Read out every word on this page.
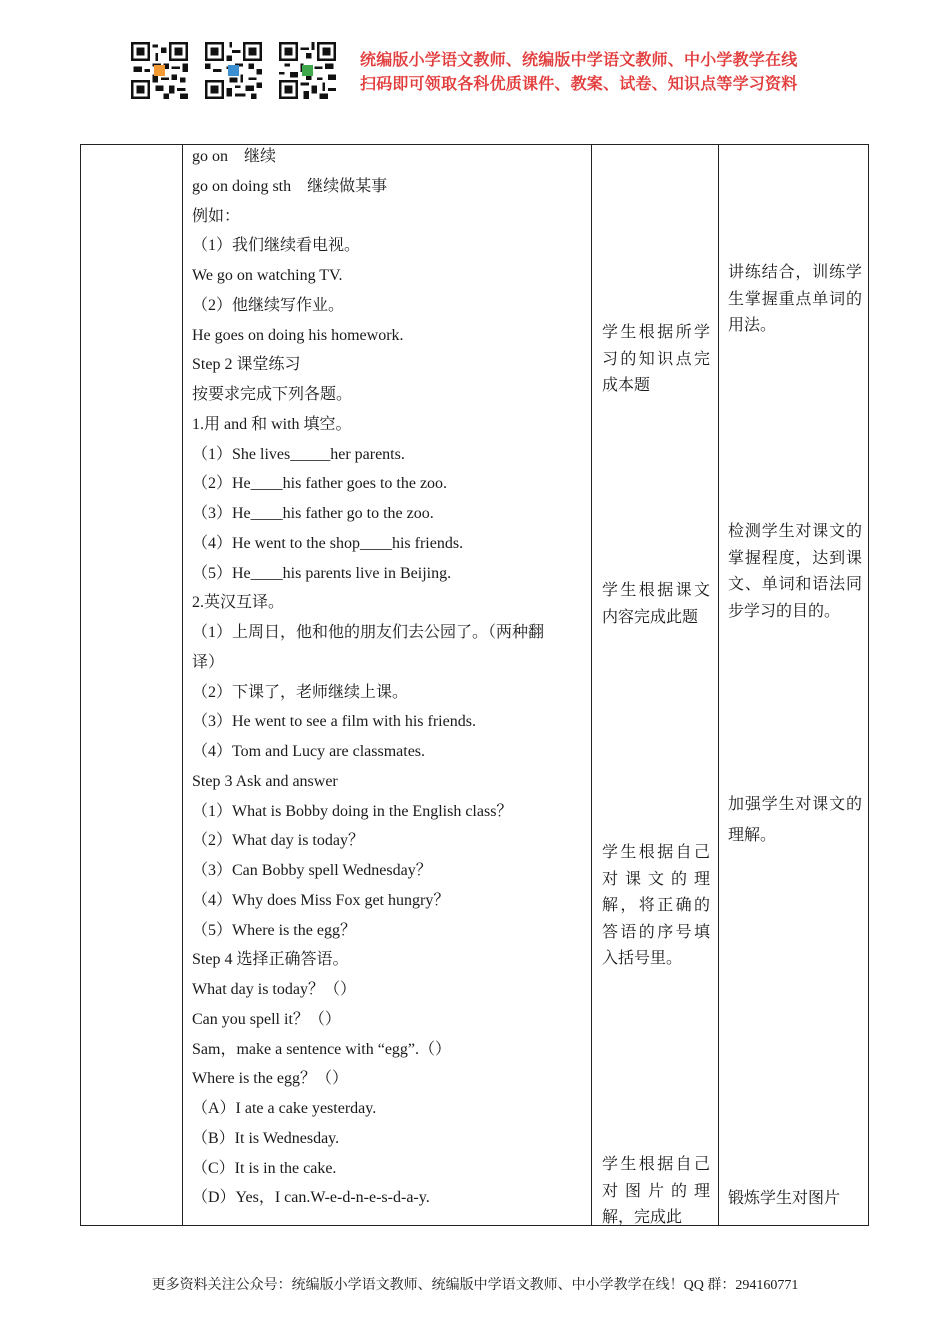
统编版小学语文教师、统编版中学语文教师、中小学教学在线
扫码即可领取各科优质课件、教案、试卷、知识点等学习资料
go on　继续
go on doing sth　继续做某事
例如：
（1）我们继续看电视。
We go on watching TV.
（2）他继续写作业。
He goes on doing his homework.
Step 2 课堂练习
按要求完成下列各题。
1.用 and 和 with 填空。
（1）She lives_____her parents.
（2）He____his father goes to the zoo.
（3）He____his father go to the zoo.
（4）He went to the shop____his friends.
（5）He____his parents live in Beijing.
2.英汉互译。
（1）上周日，他和他的朋友们去公园了。（两种翻
译）
（2）下课了，老师继续上课。
（3）He went to see a film with his friends.
（4）Tom and Lucy are classmates.
Step 3 Ask and answer
（1）What is Bobby doing in the English class？
（2）What day is today？
（3）Can Bobby spell Wednesday？
（4）Why does Miss Fox get hungry？
（5）Where is the egg？
Step 4 选择正确答语。
What day is today？（）
Can you spell it？（）
Sam，make a sentence with “egg”.（）
Where is the egg？（）
（A）I ate a cake yesterday.
（B）It is Wednesday.
（C）It is in the cake.
（D）Yes，I can.W-e-d-n-e-s-d-a-y.
学生根据所学习的知识点完成本题
学生根据课文内容完成此题
学生根据自己对课文的理解，将正确的答语的序号填入括号里。
学生根据自己对图片的理解，完成此
讲练结合，训练学生掌握重点单词的用法。
检测学生对课文的掌握程度，达到课文、单词和语法同步学习的目的。
加强学生对课文的理解。
锻炼学生对图片
更多资料关注公众号：统编版小学语文教师、统编版中学语文教师、中小学教学在线！QQ 群：294160771
